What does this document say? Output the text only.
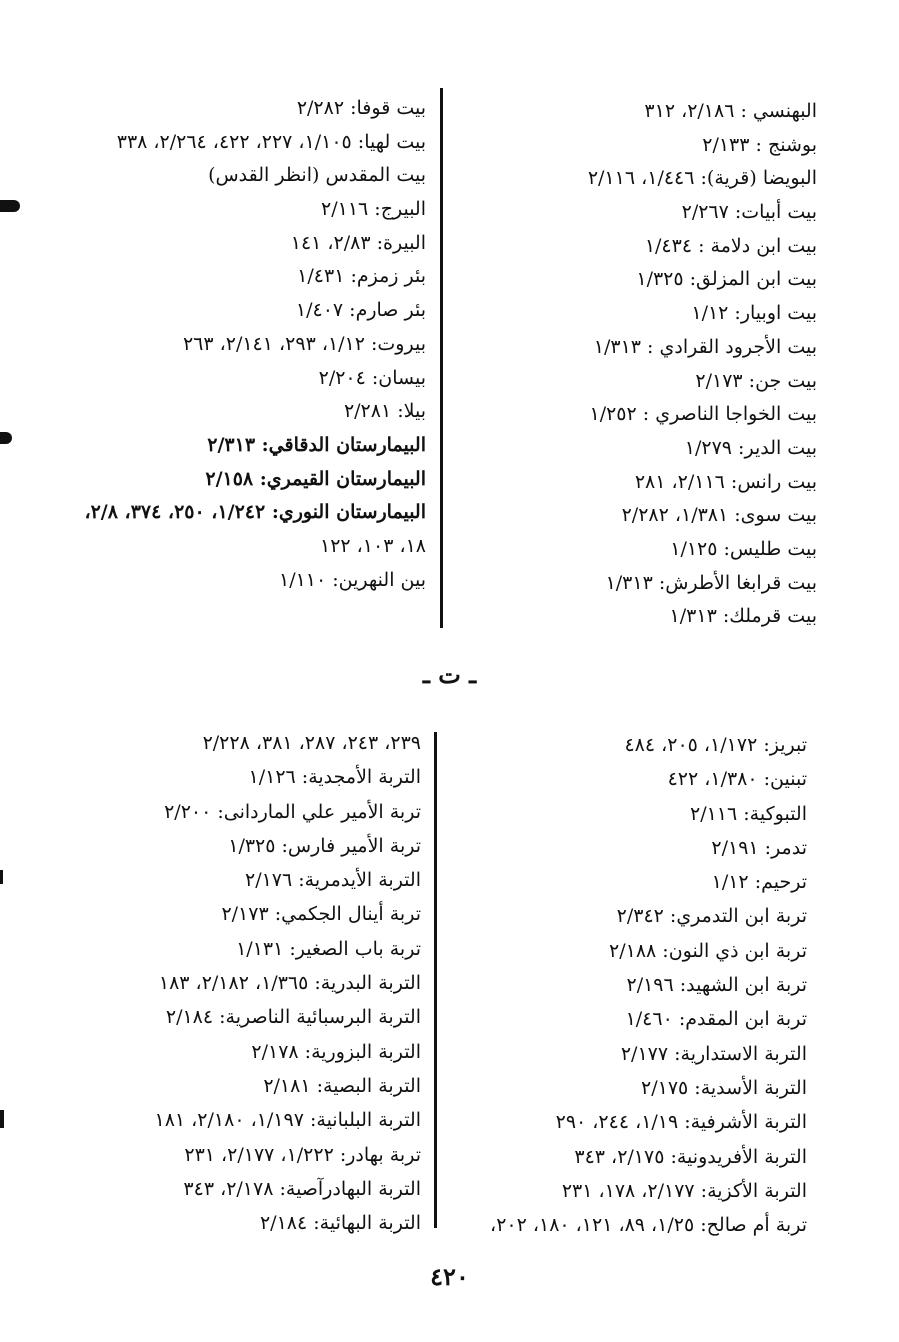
البهنسي : ٢/١٨٦، ٣١٢
بوشنج : ٢/١٣٣
البويضا (قرية): ١/٤٤٦، ٢/١١٦
بيت أبيات: ٢/٢٦٧
بيت ابن دلامة : ١/٤٣٤
بيت ابن المزلق: ١/٣٢٥
بيت اوبيار: ١/١٢
بيت الأجرود القرادي : ١/٣١٣
بيت جن: ٢/١٧٣
بيت الخواجا الناصري : ١/٢٥٢
بيت الدير: ١/٢٧٩
بيت رانس: ٢/١١٦، ٢٨١
بيت سوى: ١/٣٨١، ٢/٢٨٢
بيت طليس: ١/١٢٥
بيت قرابغا الأطرش: ١/٣١٣
بيت قرملك: ١/٣١٣
بيت قوفا: ٢/٢٨٢
بيت لهيا: ١/١٠٥، ٢٢٧، ٤٢٢، ٢/٢٦٤، ٣٣٨
بيت المقدس (انظر القدس)
البيرج: ٢/١١٦
البيرة: ٢/٨٣، ١٤١
بئر زمزم: ١/٤٣١
بئر صارم: ١/٤٠٧
بيروت: ١/١٢، ٢٩٣، ٢/١٤١، ٢٦٣
بيسان: ٢/٢٠٤
بيلا: ٢/٢٨١
البيمارستان الدقاقي: ٢/٣١٣
البيمارستان القيمري: ٢/١٥٨
البيمارستان النوري: ١/٢٤٢، ٢٥٠، ٣٧٤، ٢/٨،
١٨، ١٠٣، ١٢٢
بين النهرين: ١/١١٠
ـ ت ـ
تبريز: ١/١٧٢، ٢٠٥، ٤٨٤
تبنين: ١/٣٨٠، ٤٢٢
التبوكية: ٢/١١٦
تدمر: ٢/١٩١
ترحيم: ١/١٢
تربة ابن التدمري: ٢/٣٤٢
تربة ابن ذي النون: ٢/١٨٨
تربة ابن الشهيد: ٢/١٩٦
تربة ابن المقدم: ١/٤٦٠
التربة الاستدارية: ٢/١٧٧
التربة الأسدية: ٢/١٧٥
التربة الأشرفية: ١/١٩، ٢٤٤، ٢٩٠
التربة الأفريدونية: ٢/١٧٥، ٣٤٣
التربة الأكزية: ٢/١٧٧، ١٧٨، ٢٣١
تربة أم صالح: ١/٢٥، ٨٩، ١٢١، ١٨٠، ٢٠٢،
٢٣٩، ٢٤٣، ٢٨٧، ٣٨١، ٢/٢٢٨
التربة الأمجدية: ١/١٢٦
تربة الأمير علي الماردانى: ٢/٢٠٠
تربة الأمير فارس: ١/٣٢٥
التربة الأيدمرية: ٢/١٧٦
تربة أينال الجكمي: ٢/١٧٣
تربة باب الصغير: ١/١٣١
التربة البدرية: ١/٣٦٥، ٢/١٨٢، ١٨٣
التربة البرسبائية الناصرية: ٢/١٨٤
التربة البزورية: ٢/١٧٨
التربة البصية: ٢/١٨١
التربة البلبانية: ١/١٩٧، ٢/١٨٠، ١٨١
تربة بهادر: ١/٢٢٢، ٢/١٧٧، ٢٣١
التربة البهادرآصية: ٢/١٧٨، ٣٤٣
التربة البهائية: ٢/١٨٤
٤٢٠
